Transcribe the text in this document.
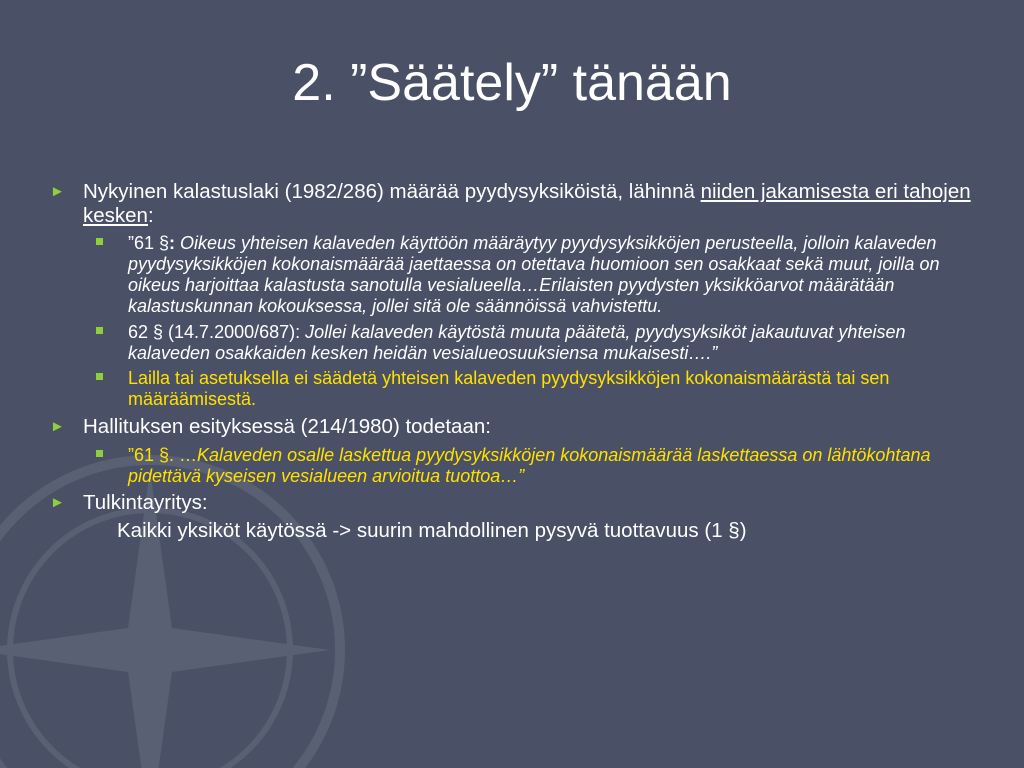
2. ”Säätely” tänään
► Nykyinen kalastuslaki (1982/286) määrää pyydysyksiköistä, lähinnä niiden jakamisesta eri tahojen kesken:
”61 §: Oikeus yhteisen kalaveden käyttöön määräytyy pyydysyksikköjen perusteella, jolloin kalaveden pyydysyksikköjen kokonaismäärää jaettaessa on otettava huomioon sen osakkaat sekä muut, joilla on oikeus harjoittaa kalastusta sanotulla vesialueella…Erilaisten pyydysten yksikköarvot määrätään kalastuskunnan kokouksessa, jollei sitä ole säännöissä vahvistettu.
62 § (14.7.2000/687): Jollei kalaveden käytöstä muuta päätetä, pyydysyksiköt jakautuvat yhteisen kalaveden osakkaiden kesken heidän vesialueosuuksiensa mukaisesti….”
Lailla tai asetuksella ei säädetä yhteisen kalaveden pyydysyksikköjen kokonaismäärästä tai sen määräämisestä.
► Hallituksen esityksessä (214/1980) todetaan:
”61 §. …Kalaveden osalle laskettua pyydysyksikköjen kokonaismäärää laskettaessa on lähtökohtana pidettävä kyseisen vesialueen arvioitua tuottoa…”
► Tulkintayritys:
Kaikki yksiköt käytössä -> suurin mahdollinen pysyvä tuottavuus (1 §)
